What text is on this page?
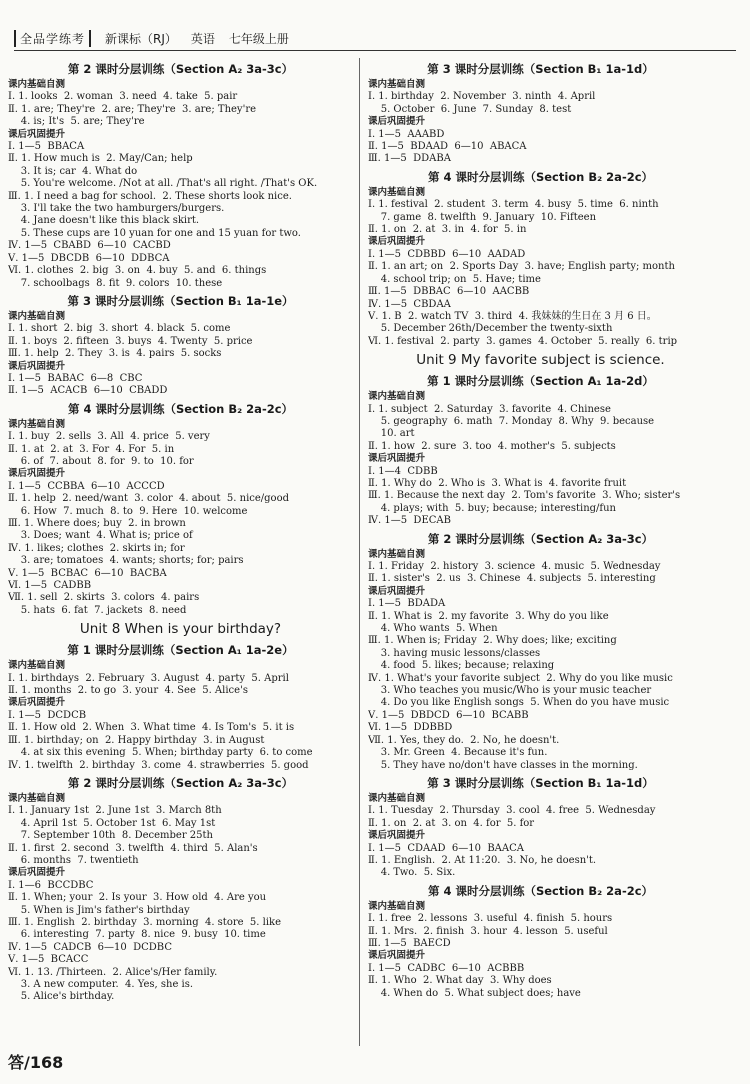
全品学练考	新课标（RJ） 英语 七年级上册
第 2 课时分层训练（Section A₂ 3a-3c）
课内基础自测
Ⅰ. 1. looks  2. woman  3. need  4. take  5. pair
Ⅱ. 1. are; They're  2. are; They're  3. are; They're
4. is; It's  5. are; They're
课后巩固提升
Ⅰ. 1—5  BBACA
Ⅱ. 1. How much is  2. May/Can; help
3. It is; car  4. What do
5. You're welcome. /Not at all. /That's all right. /That's OK.
Ⅲ. 1. I need a bag for school.  2. These shorts look nice.
3. I'll take the two hamburgers/burgers.
4. Jane doesn't like this black skirt.
5. These cups are 10 yuan for one and 15 yuan for two.
Ⅳ. 1—5  CBABD  6—10  CACBD
Ⅴ. 1—5  DBCDB  6—10  DDBCA
Ⅵ. 1. clothes  2. big  3. on  4. buy  5. and  6. things
7. schoolbags  8. fit  9. colors  10. these
第 3 课时分层训练（Section B₁ 1a-1e）
课内基础自测
Ⅰ. 1. short  2. big  3. short  4. black  5. come
Ⅱ. 1. boys  2. fifteen  3. buys  4. Twenty  5. price
Ⅲ. 1. help  2. They  3. is  4. pairs  5. socks
课后巩固提升
Ⅰ. 1—5  BABAC  6—8  CBC
Ⅱ. 1—5  ACACB  6—10  CBADD
第 4 课时分层训练（Section B₂ 2a-2c）
课内基础自测
Ⅰ. 1. buy  2. sells  3. All  4. price  5. very
Ⅱ. 1. at  2. at  3. For  4. For  5. in
6. of  7. about  8. for  9. to  10. for
课后巩固提升
Ⅰ. 1—5  CCBBA  6—10  ACCCD
Ⅱ. 1. help  2. need/want  3. color  4. about  5. nice/good
6. How  7. much  8. to  9. Here  10. welcome
Ⅲ. 1. Where does; buy  2. in brown
3. Does; want  4. What is; price of
Ⅳ. 1. likes; clothes  2. skirts in; for
3. are; tomatoes  4. wants; shorts; for; pairs
Ⅴ. 1—5  BCBAC  6—10  BACBA
Ⅵ. 1—5  CADBB
Ⅶ. 1. sell  2. skirts  3. colors  4. pairs
5. hats  6. fat  7. jackets  8. need
Unit 8 When is your birthday?
第 1 课时分层训练（Section A₁ 1a-2e）
课内基础自测
Ⅰ. 1. birthdays  2. February  3. August  4. party  5. April
Ⅱ. 1. months  2. to go  3. your  4. See  5. Alice's
课后巩固提升
Ⅰ. 1—5  DCDCB
Ⅱ. 1. How old  2. When  3. What time  4. Is Tom's  5. it is
Ⅲ. 1. birthday; on  2. Happy birthday  3. in August
4. at six this evening  5. When; birthday party  6. to come
Ⅳ. 1. twelfth  2. birthday  3. come  4. strawberries  5. good
第 2 课时分层训练（Section A₂ 3a-3c）
课内基础自测
Ⅰ. 1. January 1st  2. June 1st  3. March 8th
4. April 1st  5. October 1st  6. May 1st
7. September 10th  8. December 25th
Ⅱ. 1. first  2. second  3. twelfth  4. third  5. Alan's
6. months  7. twentieth
课后巩固提升
Ⅰ. 1—6  BCCDBC
Ⅱ. 1. When; your  2. Is your  3. How old  4. Are you
5. When is Jim's father's birthday
Ⅲ. 1. English  2. birthday  3. morning  4. store  5. like
6. interesting  7. party  8. nice  9. busy  10. time
Ⅳ. 1—5  CADCB  6—10  DCDBC
Ⅴ. 1—5  BCACC
Ⅵ. 1. 13. /Thirteen.  2. Alice's/Her family.
3. A new computer.  4. Yes, she is.
5. Alice's birthday.
第 3 课时分层训练（Section B₁ 1a-1d）
课内基础自测
Ⅰ. 1. birthday  2. November  3. ninth  4. April
5. October  6. June  7. Sunday  8. test
课后巩固提升
Ⅰ. 1—5  AAABD
Ⅱ. 1—5  BDAAD  6—10  ABACA
Ⅲ. 1—5  DDABA
第 4 课时分层训练（Section B₂ 2a-2c）
课内基础自测
Ⅰ. 1. festival  2. student  3. term  4. busy  5. time  6. ninth
7. game  8. twelfth  9. January  10. Fifteen
Ⅱ. 1. on  2. at  3. in  4. for  5. in
课后巩固提升
Ⅰ. 1—5  CDBBD  6—10  AADAD
Ⅱ. 1. an art; on  2. Sports Day  3. have; English party; month
4. school trip; on  5. Have; time
Ⅲ. 1—5  DBBAC  6—10  AACBB
Ⅳ. 1—5  CBDAA
Ⅴ. 1. B  2. watch TV  3. third  4. 我妹妹的生日在 3 月 6 日。
5. December 26th/December the twenty-sixth
Ⅵ. 1. festival  2. party  3. games  4. October  5. really  6. trip
Unit 9 My favorite subject is science.
第 1 课时分层训练（Section A₁ 1a-2d）
课内基础自测
Ⅰ. 1. subject  2. Saturday  3. favorite  4. Chinese
5. geography  6. math  7. Monday  8. Why  9. because
10. art
Ⅱ. 1. how  2. sure  3. too  4. mother's  5. subjects
课后巩固提升
Ⅰ. 1—4  CDBB
Ⅱ. 1. Why do  2. Who is  3. What is  4. favorite fruit
Ⅲ. 1. Because the next day  2. Tom's favorite  3. Who; sister's
4. plays; with  5. buy; because; interesting/fun
Ⅳ. 1—5  DECAB
第 2 课时分层训练（Section A₂ 3a-3c）
课内基础自测
Ⅰ. 1. Friday  2. history  3. science  4. music  5. Wednesday
Ⅱ. 1. sister's  2. us  3. Chinese  4. subjects  5. interesting
课后巩固提升
Ⅰ. 1—5  BDADA
Ⅱ. 1. What is  2. my favorite  3. Why do you like
4. Who wants  5. When
Ⅲ. 1. When is; Friday  2. Why does; like; exciting
3. having music lessons/classes
4. food  5. likes; because; relaxing
Ⅳ. 1. What's your favorite subject  2. Why do you like music
3. Who teaches you music/Who is your music teacher
4. Do you like English songs  5. When do you have music
Ⅴ. 1—5  DBDCD  6—10  BCABB
Ⅵ. 1—5  DDBBD
Ⅶ. 1. Yes, they do.  2. No, he doesn't.
3. Mr. Green  4. Because it's fun.
5. They have no/don't have classes in the morning.
第 3 课时分层训练（Section B₁ 1a-1d）
课内基础自测
Ⅰ. 1. Tuesday  2. Thursday  3. cool  4. free  5. Wednesday
Ⅱ. 1. on  2. at  3. on  4. for  5. for
课后巩固提升
Ⅰ. 1—5  CDAAD  6—10  BAACA
Ⅱ. 1. English.  2. At 11:20.  3. No, he doesn't.
4. Two.  5. Six.
第 4 课时分层训练（Section B₂ 2a-2c）
课内基础自测
Ⅰ. 1. free  2. lessons  3. useful  4. finish  5. hours
Ⅱ. 1. Mrs.  2. finish  3. hour  4. lesson  5. useful
Ⅲ. 1—5  BAECD
课后巩固提升
Ⅰ. 1—5  CADBC  6—10  ACBBB
Ⅱ. 1. Who  2. What day  3. Why does
4. When do  5. What subject does; have
答/168
